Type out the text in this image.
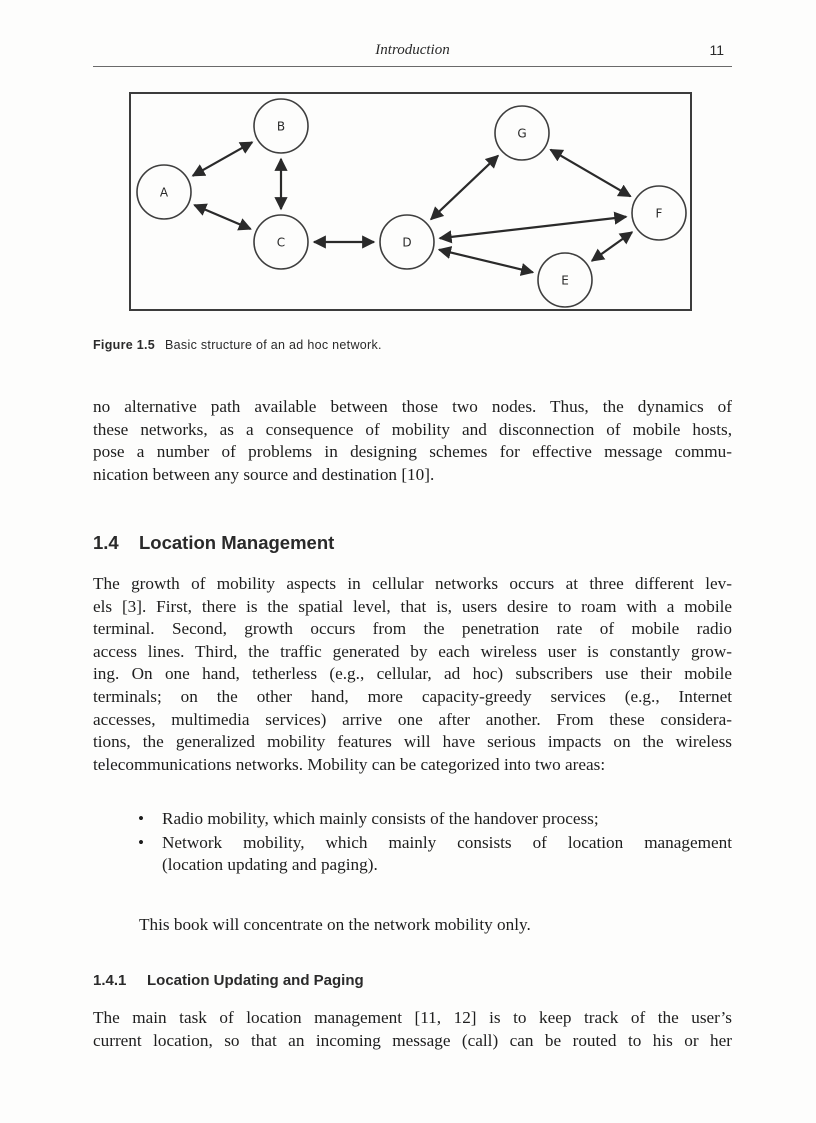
Introduction	11
B
A
C	D
G
F
E
Figure 1.5 Basic structure of an ad hoc network.
no alternative path available between those two nodes. Thus, the dynamics of
these networks, as a consequence of mobility and disconnection of mobile hosts,
pose a number of problems in designing schemes for effective message commu-
nication between any source and destination [10].
1.4 Location Management
The growth of mobility aspects in cellular networks occurs at three different lev-
els [3]. First, there is the spatial level, that is, users desire to roam with a mobile
terminal. Second, growth occurs from the penetration rate of mobile radio
access lines. Third, the traffic generated by each wireless user is constantly grow-
ing. On one hand, tetherless (e.g., cellular, ad hoc) subscribers use their mobile
terminals; on the other hand, more capacity-greedy services (e.g., Internet
accesses, multimedia services) arrive one after another. From these considera-
tions, the generalized mobility features will have serious impacts on the wireless
telecommunications networks. Mobility can be categorized into two areas:
• Radio mobility, which mainly consists of the handover process;
• Network mobility, which mainly consists of location management
(location updating and paging).

This book will concentrate on the network mobility only.

1.4.1 Location Updating and Paging
The main task of location management [11, 12] is to keep track of the user’s
current location, so that an incoming message (call) can be routed to his or her
